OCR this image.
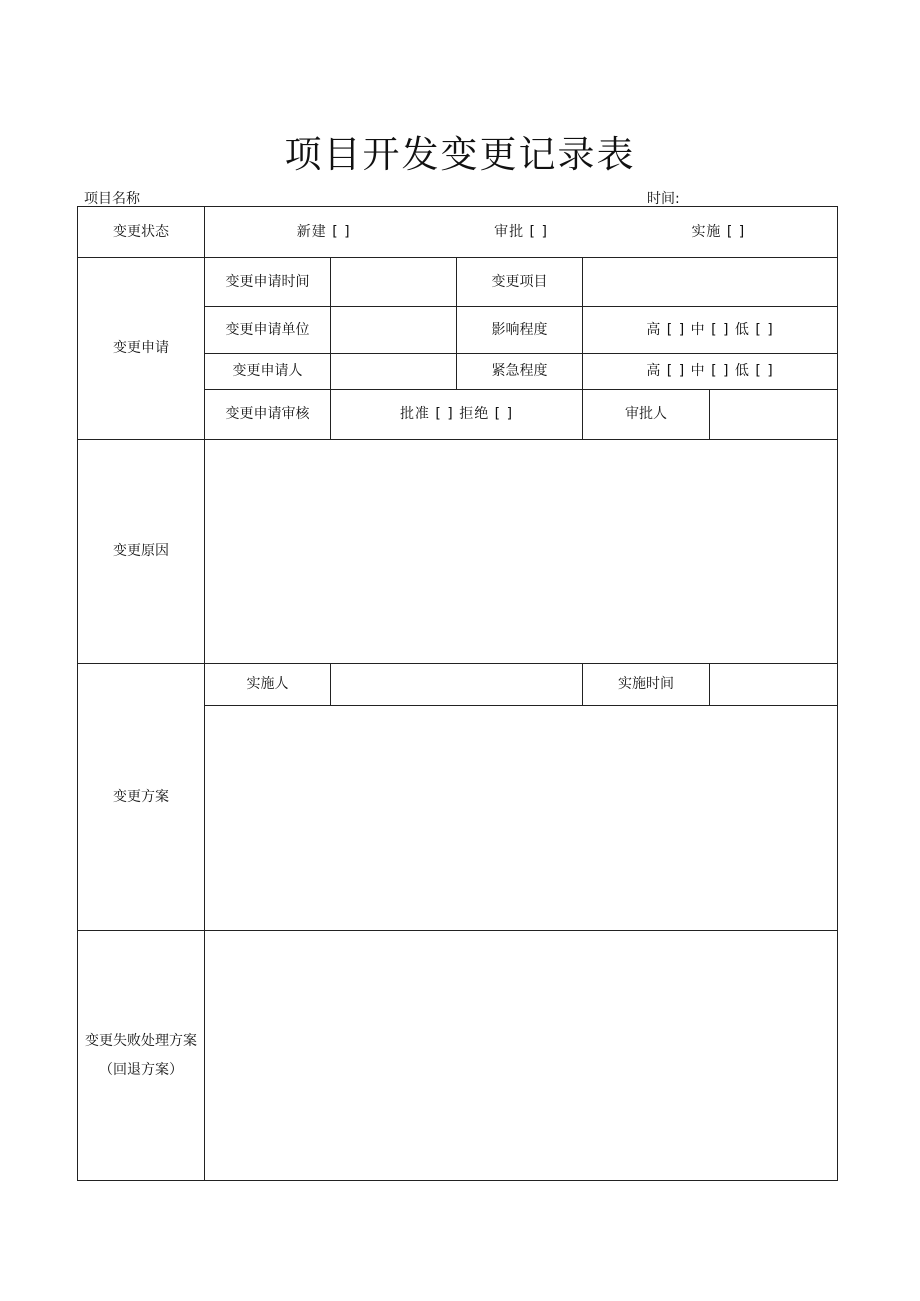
项目开发变更记录表
项目名称	时间:
变更状态	新建 [ ] 审批 [ ] 实施 [ ]				

变更申请	变更申请时间		变更项目		
	变更申请单位		影响程度	高 [ ] 中 [ ] 低 [ ]	
	变更申请人		紧急程度	高 [ ] 中 [ ] 低 [ ]	
	变更申请审核	批准 [ ] 拒绝 [ ]		审批人	
变更原因					
变更方案	实施人			实施时间	

变更失败处理方案
（回退方案）					
